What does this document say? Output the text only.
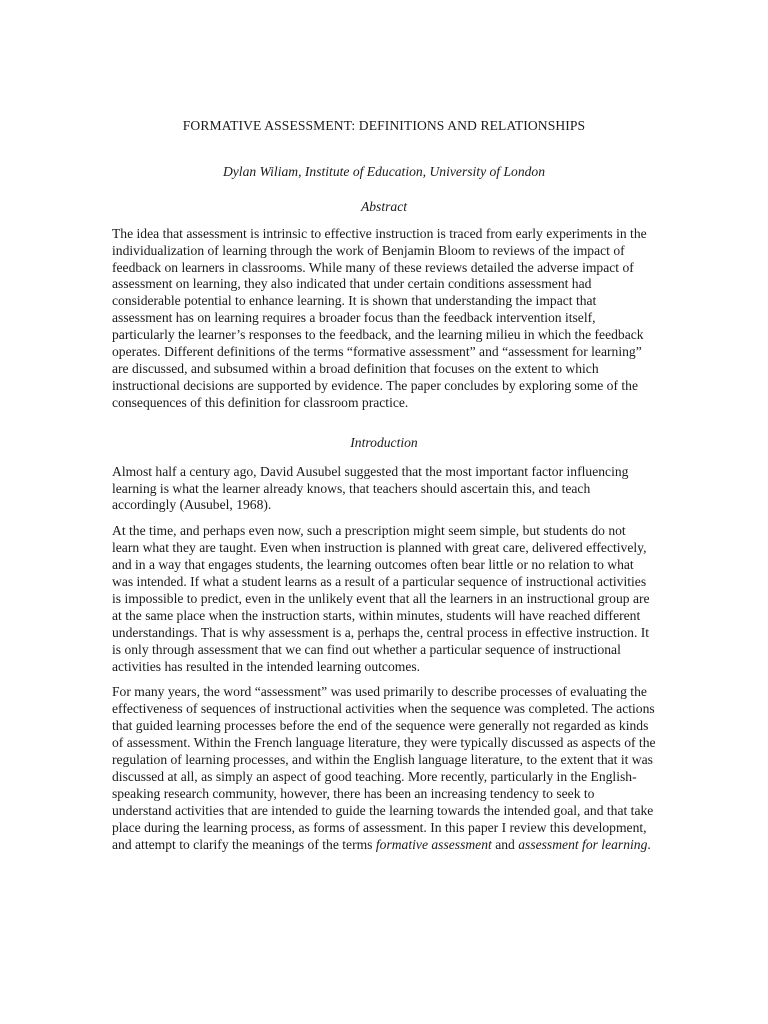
FORMATIVE ASSESSMENT: DEFINITIONS AND RELATIONSHIPS
Dylan Wiliam, Institute of Education, University of London
Abstract

The idea that assessment is intrinsic to effective instruction is traced from early experiments in the individualization of learning through the work of Benjamin Bloom to reviews of the impact of feedback on learners in classrooms. While many of these reviews detailed the adverse impact of assessment on learning, they also indicated that under certain conditions assessment had considerable potential to enhance learning. It is shown that understanding the impact that assessment has on learning requires a broader focus than the feedback intervention itself, particularly the learner’s responses to the feedback, and the learning milieu in which the feedback operates. Different definitions of the terms “formative assessment” and “assessment for learning” are discussed, and subsumed within a broad definition that focuses on the extent to which instructional decisions are supported by evidence. The paper concludes by exploring some of the consequences of this definition for classroom practice.

Introduction

Almost half a century ago, David Ausubel suggested that the most important factor influencing learning is what the learner already knows, that teachers should ascertain this, and teach accordingly (Ausubel, 1968).

At the time, and perhaps even now, such a prescription might seem simple, but students do not learn what they are taught. Even when instruction is planned with great care, delivered effectively, and in a way that engages students, the learning outcomes often bear little or no relation to what was intended. If what a student learns as a result of a particular sequence of instructional activities is impossible to predict, even in the unlikely event that all the learners in an instructional group are at the same place when the instruction starts, within minutes, students will have reached different understandings. That is why assessment is a, perhaps the, central process in effective instruction. It is only through assessment that we can find out whether a particular sequence of instructional activities has resulted in the intended learning outcomes.

For many years, the word “assessment” was used primarily to describe processes of evaluating the effectiveness of sequences of instructional activities when the sequence was completed. The actions that guided learning processes before the end of the sequence were generally not regarded as kinds of assessment. Within the French language literature, they were typically discussed as aspects of the regulation of learning processes, and within the English language literature, to the extent that it was discussed at all, as simply an aspect of good teaching. More recently, particularly in the English-speaking research community, however, there has been an increasing tendency to seek to understand activities that are intended to guide the learning towards the intended goal, and that take place during the learning process, as forms of assessment. In this paper I review this development, and attempt to clarify the meanings of the terms formative assessment and assessment for learning.
